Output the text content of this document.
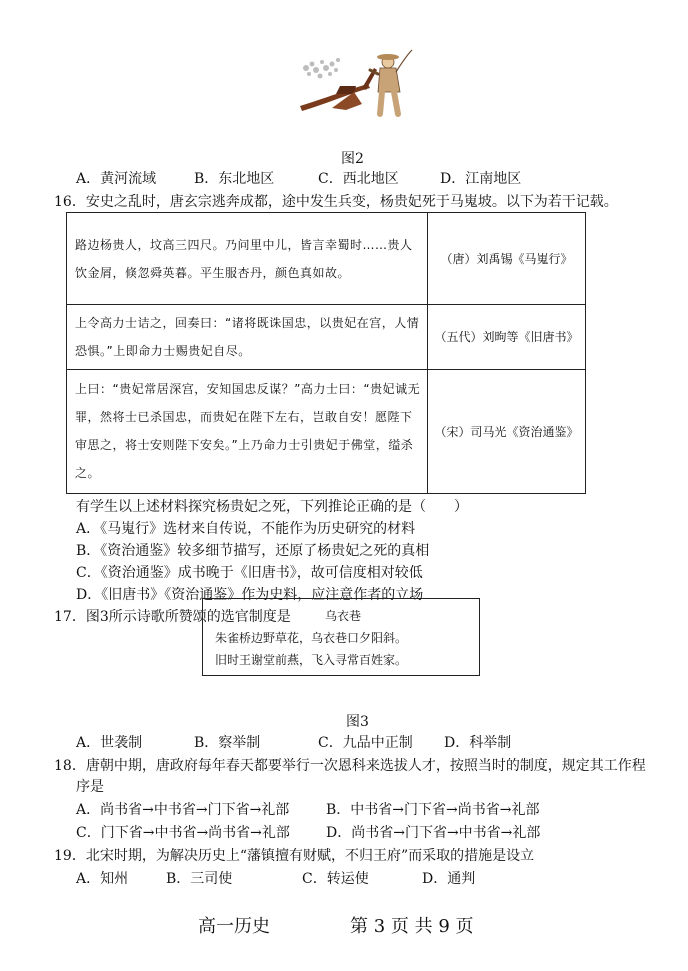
图2
A．黄河流域	B．东北地区	C．西北地区	D．江南地区
16．安史之乱时，唐玄宗逃奔成都，途中发生兵变，杨贵妃死于马嵬坡。以下为若干记载。
路边杨贵人，坟高三四尺。乃问里中儿，皆言幸蜀时……贵人饮金屑，倏忽舜英暮。平生服杏丹，颜色真如故。	（唐）刘禹锡《马嵬行》
上令高力士诘之，回奏曰：“诸将既诛国忠，以贵妃在宫，人情恐惧。”上即命力士赐贵妃自尽。	（五代）刘昫等《旧唐书》
上曰：“贵妃常居深宫，安知国忠反谋？”高力士曰：“贵妃诚无罪，然将士已杀国忠，而贵妃在陛下左右，岂敢自安！愿陛下审思之，将士安则陛下安矣。”上乃命力士引贵妃于佛堂，缢杀之。	（宋）司马光《资治通鉴》
有学生以上述材料探究杨贵妃之死，下列推论正确的是（　　）
A．《马嵬行》选材来自传说，不能作为历史研究的材料
B．《资治通鉴》较多细节描写，还原了杨贵妃之死的真相
C．《资治通鉴》成书晚于《旧唐书》，故可信度相对较低
D．《旧唐书》《资治通鉴》作为史料，应注意作者的立场
17．图3所示诗歌所赞颂的选官制度是	乌衣巷
朱雀桥边野草花，乌衣巷口夕阳斜。
旧时王谢堂前燕，飞入寻常百姓家。
图3
A．世袭制	B．察举制	C．九品中正制 D．科举制
18．唐朝中期，唐政府每年春天都要举行一次恩科来选拔人才，按照当时的制度，规定其工作程
序是
A．尚书省→中书省→门下省→礼部	B．中书省→门下省→尚书省→礼部
C．门下省→中书省→尚书省→礼部	D．尚书省→门下省→中书省→礼部
19．北宋时期，为解决历史上“藩镇擅有财赋，不归王府”而采取的措施是设立
A．知州	B．三司使	C．转运使	D．通判
高一历史	第 3 页 共 9 页
